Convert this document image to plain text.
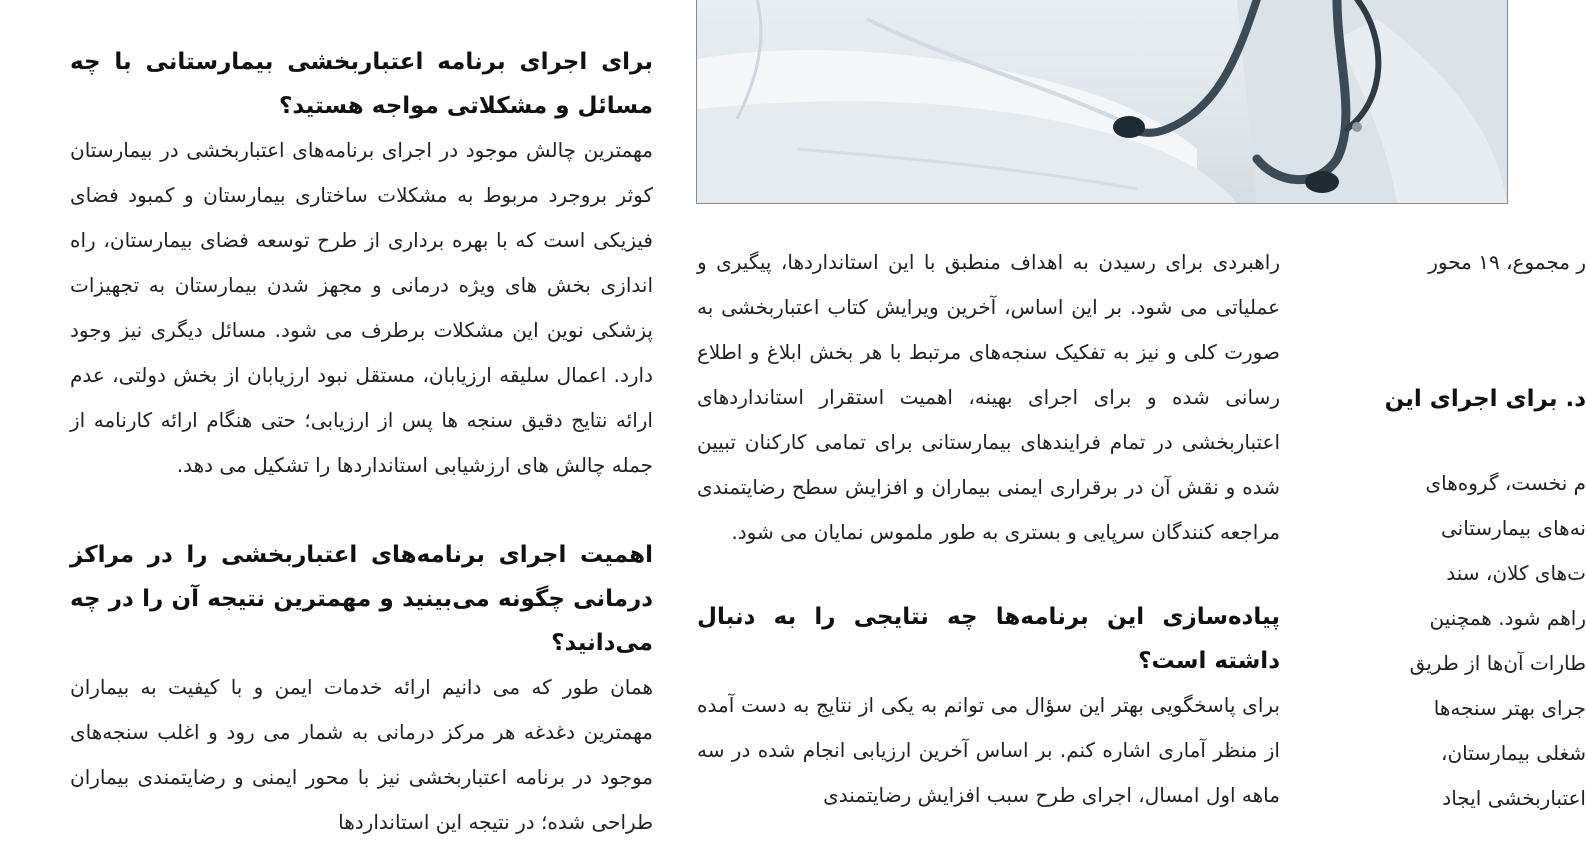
برای اجرای برنامه اعتباربخشی بیمارستانی با چه مسائل و مشکلاتی مواجه هستید؟

مهمترین چالش موجود در اجرای برنامه‌های اعتباربخشی در بیمارستان کوثر بروجرد مربوط به مشکلات ساختاری بیمارستان و کمبود فضای فیزیکی است که با بهره برداری از طرح توسعه فضای بیمارستان، راه اندازی بخش های ویژه درمانی و مجهز شدن بیمارستان به تجهیزات پزشکی نوین این مشکلات برطرف می شود. مسائل دیگری نیز وجود دارد. اعمال سلیقه ارزیابان، مستقل نبود ارزیابان از بخش دولتی، عدم ارائه نتایج دقیق سنجه ها پس از ارزیابی؛ حتی هنگام ارائه کارنامه از جمله چالش های ارزشیابی استانداردها را تشکیل می دهد.

اهمیت اجرای برنامه‌های اعتباربخشی را در مراکز درمانی چگونه می‌بینید و مهمترین نتیجه آن را در چه می‌دانید؟

همان طور که می دانیم ارائه خدمات ایمن و با کیفیت به بیماران مهمترین دغدغه هر مرکز درمانی به شمار می رود و اغلب سنجه‌های موجود در برنامه اعتباربخشی نیز با محور ایمنی و رضایتمندی بیماران طراحی شده؛ در نتیجه این استانداردها

راهبردی برای رسیدن به اهداف منطبق با این استانداردها، پیگیری و عملیاتی می شود. بر این اساس، آخرین ویرایش کتاب اعتباربخشی به صورت کلی و نیز به تفکیک سنجه‌های مرتبط با هر بخش ابلاغ و اطلاع رسانی شده و برای اجرای بهینه، اهمیت استقرار استانداردهای اعتباربخشی در تمام فرایندهای بیمارستانی برای تمامی کارکنان تبیین شده و نقش آن در برقراری ایمنی بیماران و افزایش سطح رضایتمندی مراجعه کنندگان سرپایی و بستری به طور ملموس نمایان می شود.

پیاده‌سازی این برنامه‌ها چه نتایجی را به دنبال داشته است؟

برای پاسخگویی بهتر این سؤال می توانم به یکی از نتایج به دست آمده از منظر آماری اشاره کنم. بر اساس آخرین ارزیابی انجام شده در سه ماهه اول امسال، اجرای طرح سبب افزایش رضایتمندی

ر مجموع، ۱۹ محور

د. برای اجرای این

م نخست، گروه‌های

نه‌های بیمارستانی

ت‌های کلان، سند

راهم شود. همچنین

طارات آن‌ها از طریق

جرای بهتر سنجه‌ها

شغلی بیمارستان،

اعتباربخشی ایجاد
